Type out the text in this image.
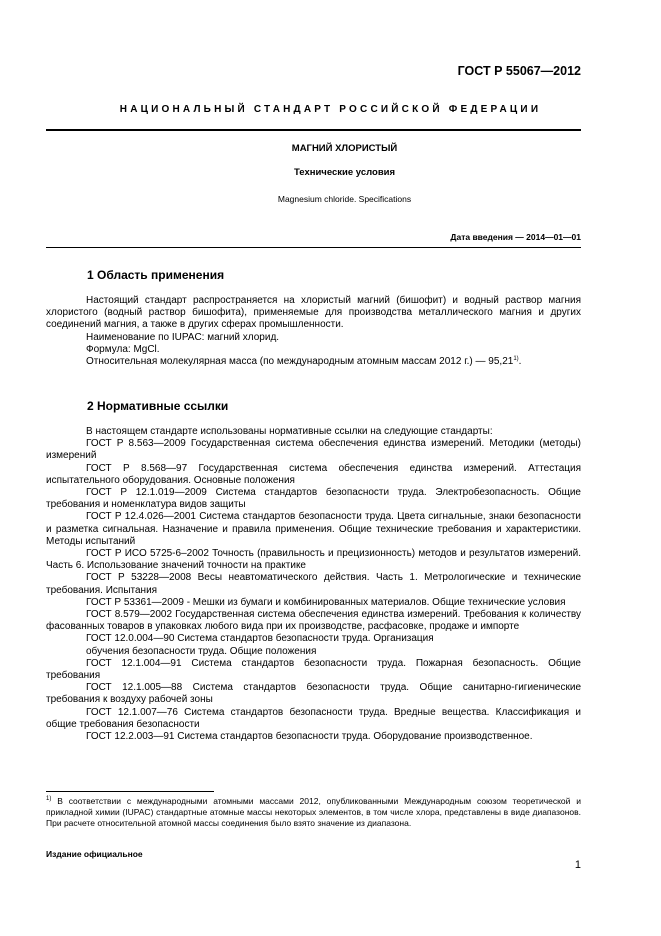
ГОСТ Р 55067—2012
НАЦИОНАЛЬНЫЙ СТАНДАРТ РОССИЙСКОЙ ФЕДЕРАЦИИ
МАГНИЙ ХЛОРИСТЫЙ
Технические условия
Magnesium chloride. Specifications
Дата введения — 2014—01—01
1 Область применения

Настоящий стандарт распространяется на хлористый магний (бишофит) и водный раствор магния хлористого (водный раствор бишофита), применяемые для производства металлического магния и других соединений магния, а также в других сферах промышленности.

Наименование по IUPAC: магний хлорид.

Формула: MgCl.

Относительная молекулярная масса (по международным атомным массам 2012 г.) — 95,21$^{1)}$.

2 Нормативные ссылки

В настоящем стандарте использованы нормативные ссылки на следующие стандарты:

ГОСТ Р 8.563—2009 Государственная система обеспечения единства измерений. Методики (методы) измерений

ГОСТ Р 8.568—97 Государственная система обеспечения единства измерений. Аттестация испытательного оборудования. Основные положения

ГОСТ Р 12.1.019—2009 Система стандартов безопасности труда. Электробезопасность. Общие требования и номенклатура видов защиты

ГОСТ Р 12.4.026—2001 Система стандартов безопасности труда. Цвета сигнальные, знаки безопасности и разметка сигнальная. Назначение и правила применения. Общие технические требования и характеристики. Методы испытаний

ГОСТ Р ИСО 5725-6–2002 Точность (правильность и прецизионность) методов и результатов измерений. Часть 6. Использование значений точности на практике

ГОСТ Р 53228—2008 Весы неавтоматического действия. Часть 1. Метрологические и технические требования. Испытания

ГОСТ Р 53361—2009 - Мешки из бумаги и комбинированных материалов. Общие технические условия

ГОСТ 8.579—2002 Государственная система обеспечения единства измерений. Требования к количеству фасованных товаров в упаковках любого вида при их производстве, расфасовке, продаже и импорте

ГОСТ 12.0.004—90 Система стандартов безопасности труда. Организация

обучения безопасности труда. Общие положения

ГОСТ 12.1.004—91 Система стандартов безопасности труда. Пожарная безопасность. Общие требования

ГОСТ 12.1.005—88 Система стандартов безопасности труда. Общие санитарно-гигиенические требования к воздуху рабочей зоны

ГОСТ 12.1.007—76 Система стандартов безопасности труда. Вредные вещества. Классификация и общие требования безопасности

ГОСТ 12.2.003—91 Система стандартов безопасности труда. Оборудование производственное.

$^{1)}$ В соответствии с международными атомными массами 2012, опубликованными Международным союзом теоретической и прикладной химии (IUPAC) стандартные атомные массы некоторых элементов, в том числе хлора, представлены в виде диапазонов. При расчете относительной атомной массы соединения было взято значение из диапазона.
Издание официальное
1
